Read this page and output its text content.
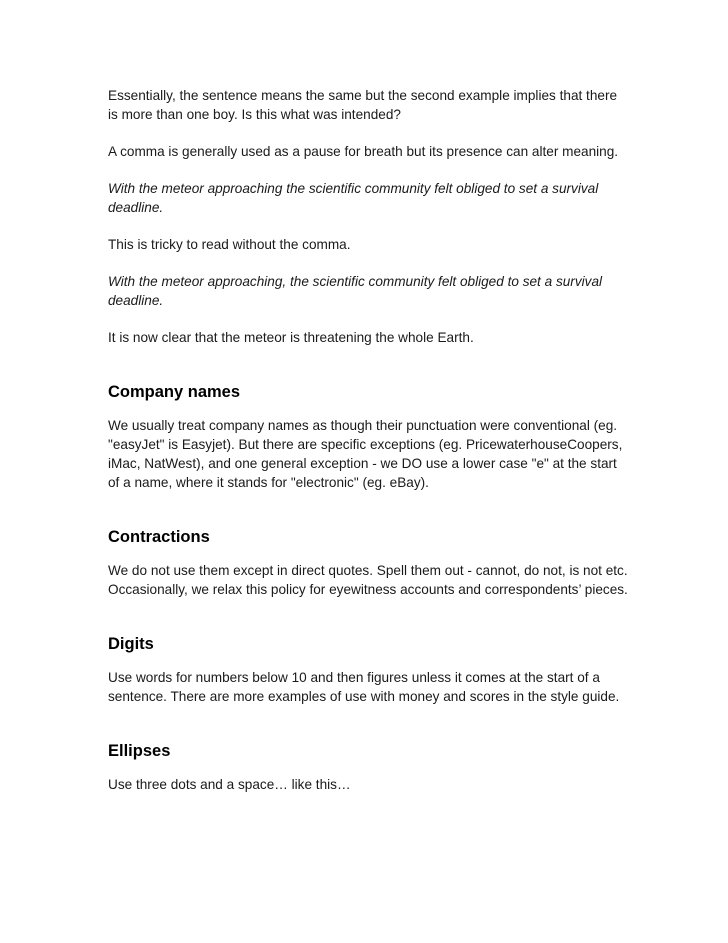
Essentially, the sentence means the same but the second example implies that there is more than one boy. Is this what was intended?

A comma is generally used as a pause for breath but its presence can alter meaning.

With the meteor approaching the scientific community felt obliged to set a survival deadline.

This is tricky to read without the comma.

With the meteor approaching, the scientific community felt obliged to set a survival deadline.

It is now clear that the meteor is threatening the whole Earth.

Company names

We usually treat company names as though their punctuation were conventional (eg. "easyJet" is Easyjet). But there are specific exceptions (eg. PricewaterhouseCoopers, iMac, NatWest), and one general exception - we DO use a lower case "e" at the start of a name, where it stands for "electronic" (eg. eBay).

Contractions

We do not use them except in direct quotes. Spell them out - cannot, do not, is not etc. Occasionally, we relax this policy for eyewitness accounts and correspondents’ pieces.

Digits

Use words for numbers below 10 and then figures unless it comes at the start of a sentence. There are more examples of use with money and scores in the style guide.

Ellipses

Use three dots and a space… like this…
